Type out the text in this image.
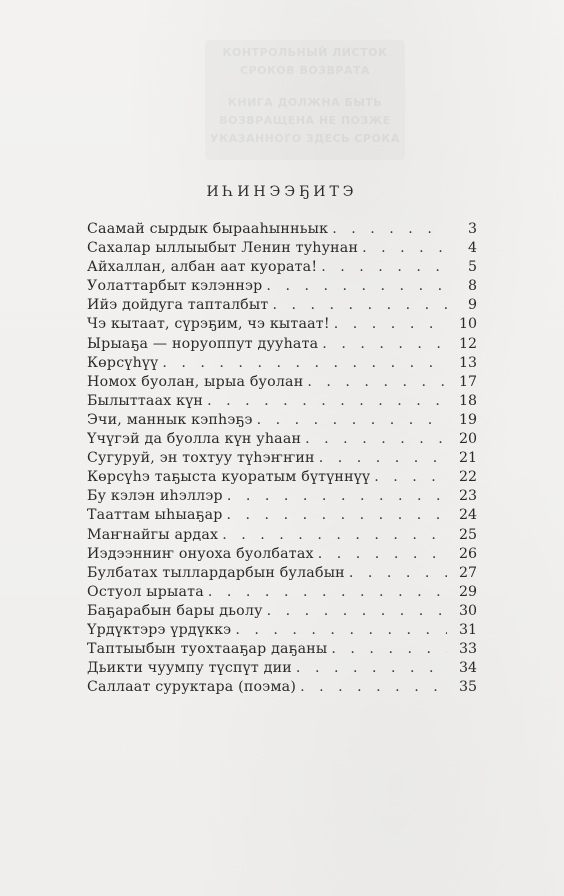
КОНТРОЛЬНЫЙ ЛИСТОК
СРОКОВ ВОЗВРАТА
КНИГА ДОЛЖНА БЫТЬ
ВОЗВРАЩЕНА НЕ ПОЗЖЕ
УКАЗАННОГО ЗДЕСЬ СРОКА
ИҺИНЭЭҔИТЭ
Саамай сырдык бырааһынньык . . .	3
Сахалар ыллыыбыт Ленин туһунан . . .	4
Айхаллан, албан аат куората! . . .	5
Уолаттарбыт кэлэннэр . . .	8
Ийэ дойдуга тапталбыт . . .	9
Чэ кытаат, сүрэҕим, чэ кытаат! . . .	10
Ырыаҕа — норуоппут дууһата . . .	12
Көрсүһүү . . .	13
Номох буолан, ырыа буолан . . .	17
Былыттаах күн . . .	18
Эчи, маннык кэпһэҕэ . . .	19
Үчүгэй да буолла күн уһаан . . .	20
Сугуруй, эн тохтуу түһэҥҥин . . .	21
Көрсүһэ таҕыста куоратым бүтүннүү . . .	22
Бу кэлэн иһэллэр . . .	23
Тааттам ыһыаҕар . . .	24
Маҥнайгы ардах . . .	25
Иэдээнниҥ онуоха буолбатах . . .	26
Булбатах тыллардарбын булабын . . .	27
Остуол ырыата . . .	29
Баҕарабын бары дьолу . . .	30
Үрдүктэрэ үрдүккэ . . .	31
Таптыыбын туохтааҕар даҕаны . . .	33
Дьикти чуумпу түспүт дии . . .	34
Саллаат суруктара (поэма) . . .	35
